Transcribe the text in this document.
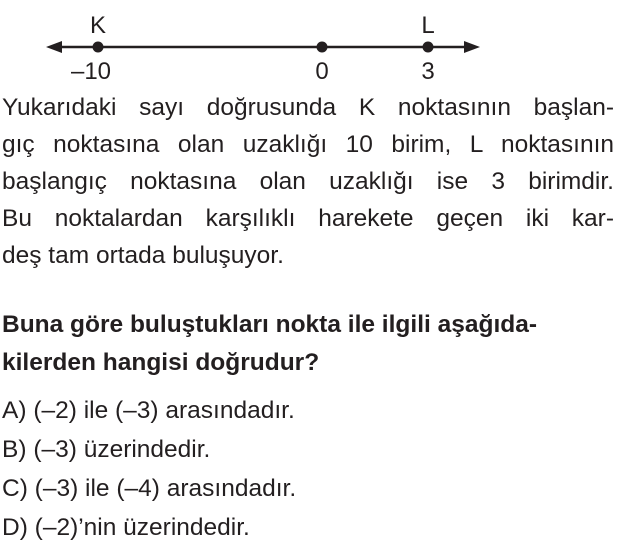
K	L
–10	0	3
Yukarıdaki sayı doğrusunda K noktasının başlan-
gıç noktasına olan uzaklığı 10 birim, L noktasının
başlangıç noktasına olan uzaklığı ise 3 birimdir.
Bu noktalardan karşılıklı harekete geçen iki kar-
deş tam ortada buluşuyor.
Buna göre buluştukları nokta ile ilgili aşağıda-
kilerden hangisi doğrudur?
A) (–2) ile (–3) arasındadır.
B) (–3) üzerindedir.
C) (–3) ile (–4) arasındadır.
D) (–2)’nin üzerindedir.
